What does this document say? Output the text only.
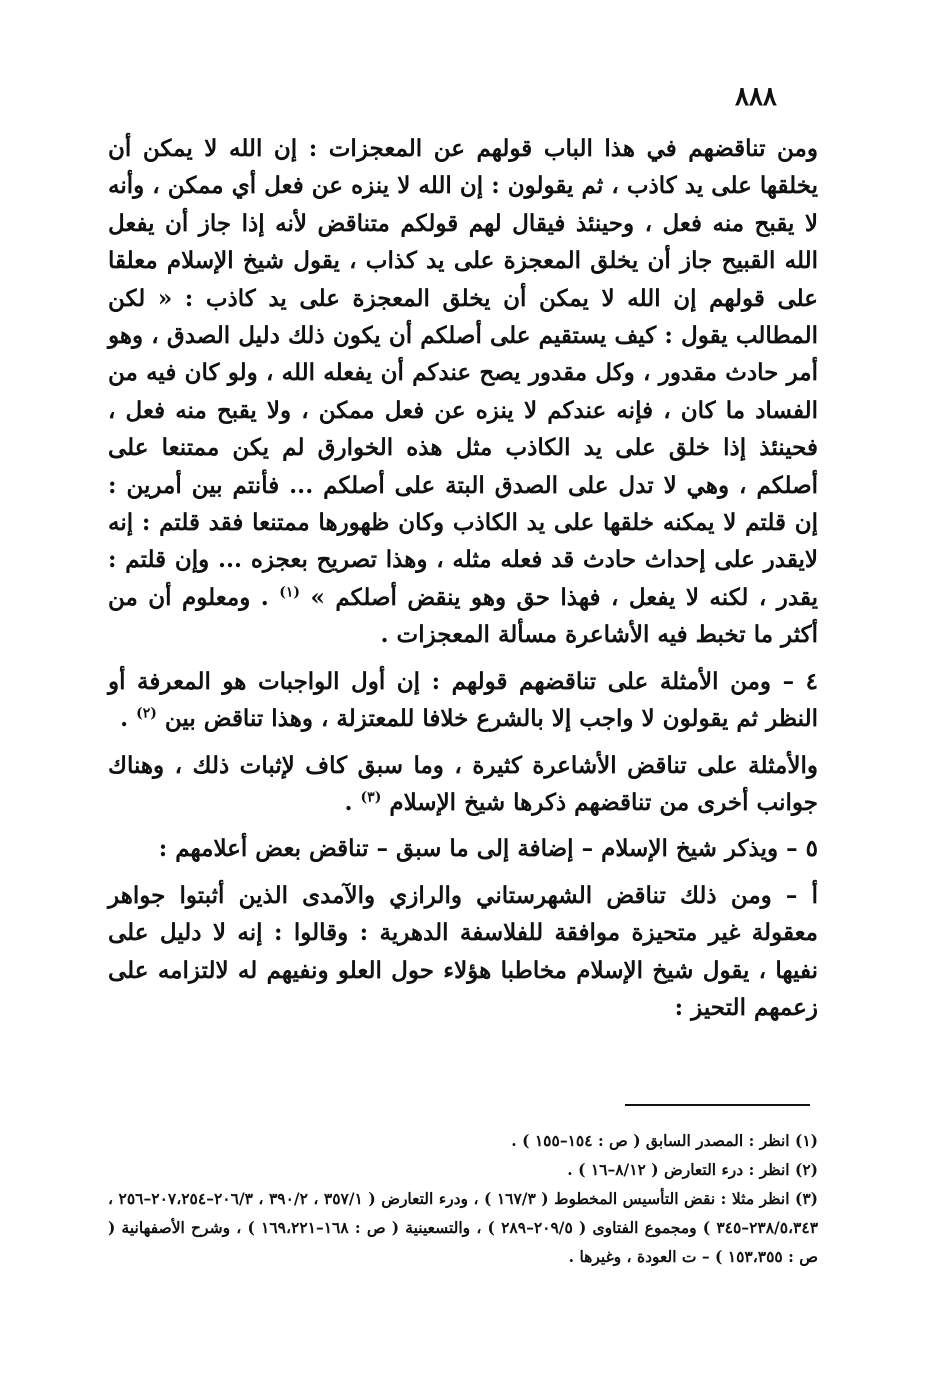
٨٨٨

ومن تناقضهم في هذا الباب قولهم عن المعجزات : إن الله لا يمكن أن يخلقها على يد كاذب ، ثم يقولون : إن الله لا ينزه عن فعل أي ممكن ، وأنه لا يقبح منه فعل ، وحينئذ فيقال لهم قولكم متناقض لأنه إذا جاز أن يفعل الله القبيح جاز أن يخلق المعجزة على يد كذاب ، يقول شيخ الإسلام معلقا على قولهم إن الله لا يمكن أن يخلق المعجزة على يد كاذب : « لكن المطالب يقول : كيف يستقيم على أصلكم أن يكون ذلك دليل الصدق ، وهو أمر حادث مقدور ، وكل مقدور يصح عندكم أن يفعله الله ، ولو كان فيه من الفساد ما كان ، فإنه عندكم لا ينزه عن فعل ممكن ، ولا يقبح منه فعل ، فحينئذ إذا خلق على يد الكاذب مثل هذه الخوارق لم يكن ممتنعا على أصلكم ، وهي لا تدل على الصدق البتة على أصلكم ... فأنتم بين أمرين : إن قلتم لا يمكنه خلقها على يد الكاذب وكان ظهورها ممتنعا فقد قلتم : إنه لايقدر على إحداث حادث قد فعله مثله ، وهذا تصريح بعجزه ... وإن قلتم : يقدر ، لكنه لا يفعل ، فهذا حق وهو ينقض أصلكم » $^{(١)}$ . ومعلوم أن من أكثر ما تخبط فيه الأشاعرة مسألة المعجزات .

٤ – ومن الأمثلة على تناقضهم قولهم : إن أول الواجبات هو المعرفة أو النظر ثم يقولون لا واجب إلا بالشرع خلافا للمعتزلة ، وهذا تناقض بين $^{(٢)}$ .

والأمثلة على تناقض الأشاعرة كثيرة ، وما سبق كاف لإثبات ذلك ، وهناك جوانب أخرى من تناقضهم ذكرها شيخ الإسلام $^{(٣)}$ .

٥ – ويذكر شيخ الإسلام – إضافة إلى ما سبق – تناقض بعض أعلامهم :

أ – ومن ذلك تناقض الشهرستاني والرازي والآمدى الذين أثبتوا جواهر معقولة غير متحيزة موافقة للفلاسفة الدهرية : وقالوا : إنه لا دليل على نفيها ، يقول شيخ الإسلام مخاطبا هؤلاء حول العلو ونفيهم له لالتزامه على زعمهم التحيز :

(١) انظر : المصدر السابق ( ص : ١٥٤–١٥٥ ) .

(٢) انظر : درء التعارض ( ٨/١٢–١٦ ) .

(٣) انظر مثلا : نقض التأسيس المخطوط ( ١٦٧/٣ ) ، ودرء التعارض ( ٣٥٧/١ ، ٣٩٠/٢ ، ٢٠٦/٣–٢٠٧،٢٥٤–٢٥٦ ، ٢٣٨/٥،٣٤٣–٣٤٥ ) ومجموع الفتاوى ( ٢٠٩/٥–٢٨٩ ) ، والتسعينية ( ص : ١٦٨–١٦٩،٢٢١ ) ، وشرح الأصفهانية ( ص : ١٥٣،٣٥٥ ) – ت العودة ، وغيرها .
